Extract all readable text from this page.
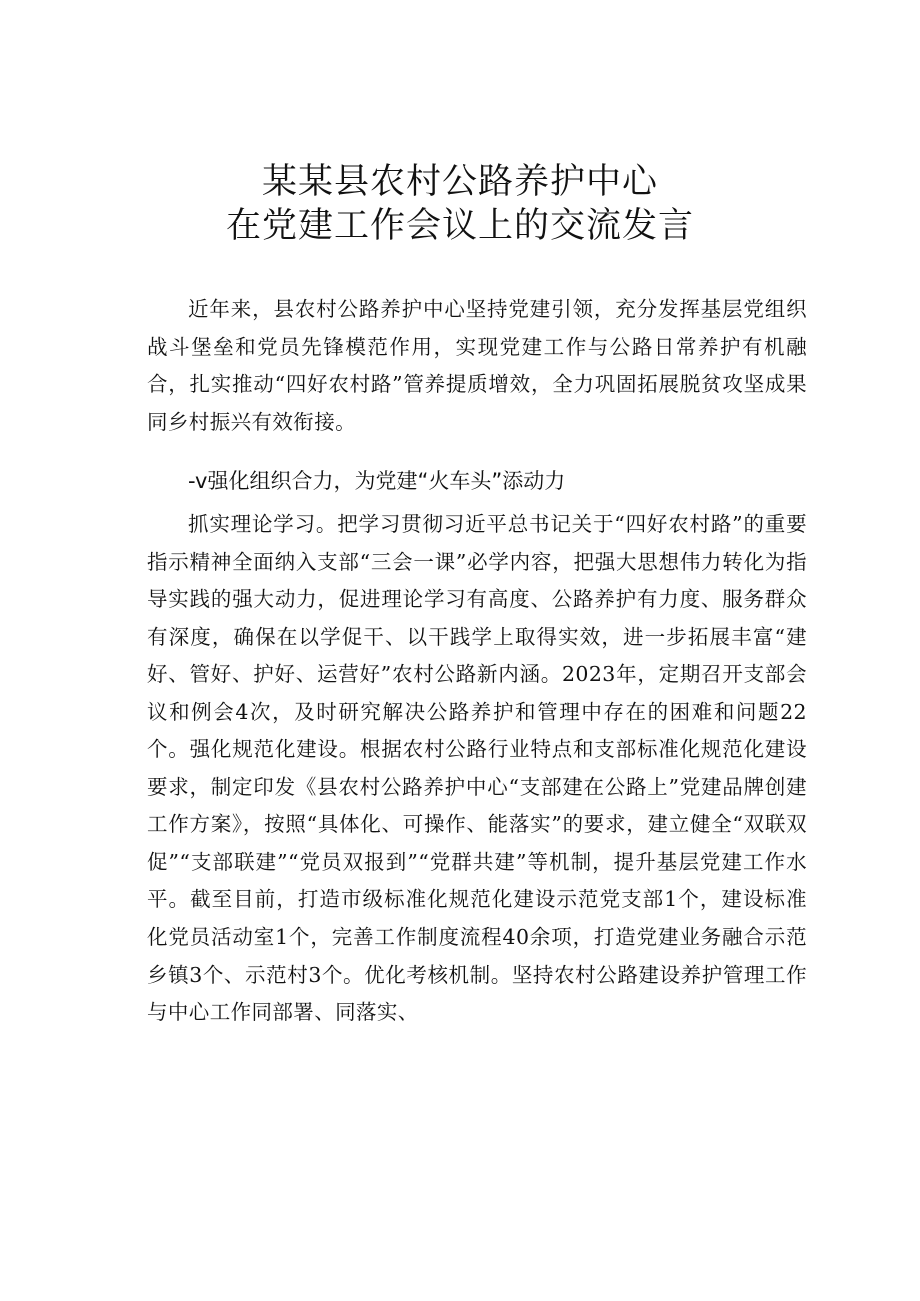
某某县农村公路养护中心
在党建工作会议上的交流发言

近年来，县农村公路养护中心坚持党建引领，充分发挥基层党组织战斗堡垒和党员先锋模范作用，实现党建工作与公路日常养护有机融合，扎实推动“四好农村路”管养提质增效，全力巩固拓展脱贫攻坚成果同乡村振兴有效衔接。

-v强化组织合力，为党建“火车头”添动力

抓实理论学习。把学习贯彻习近平总书记关于“四好农村路”的重要指示精神全面纳入支部“三会一课”必学内容，把强大思想伟力转化为指导实践的强大动力，促进理论学习有高度、公路养护有力度、服务群众有深度，确保在以学促干、以干践学上取得实效，进一步拓展丰富“建好、管好、护好、运营好”农村公路新内涵。2023年，定期召开支部会议和例会4次，及时研究解决公路养护和管理中存在的困难和问题22个。强化规范化建设。根据农村公路行业特点和支部标准化规范化建设要求，制定印发《县农村公路养护中心“支部建在公路上”党建品牌创建工作方案》，按照“具体化、可操作、能落实”的要求，建立健全“双联双促”“支部联建”“党员双报到”“党群共建”等机制，提升基层党建工作水平。截至目前，打造市级标准化规范化建设示范党支部1个，建设标准化党员活动室1个，完善工作制度流程40余项，打造党建业务融合示范乡镇3个、示范村3个。优化考核机制。坚持农村公路建设养护管理工作与中心工作同部署、同落实、
